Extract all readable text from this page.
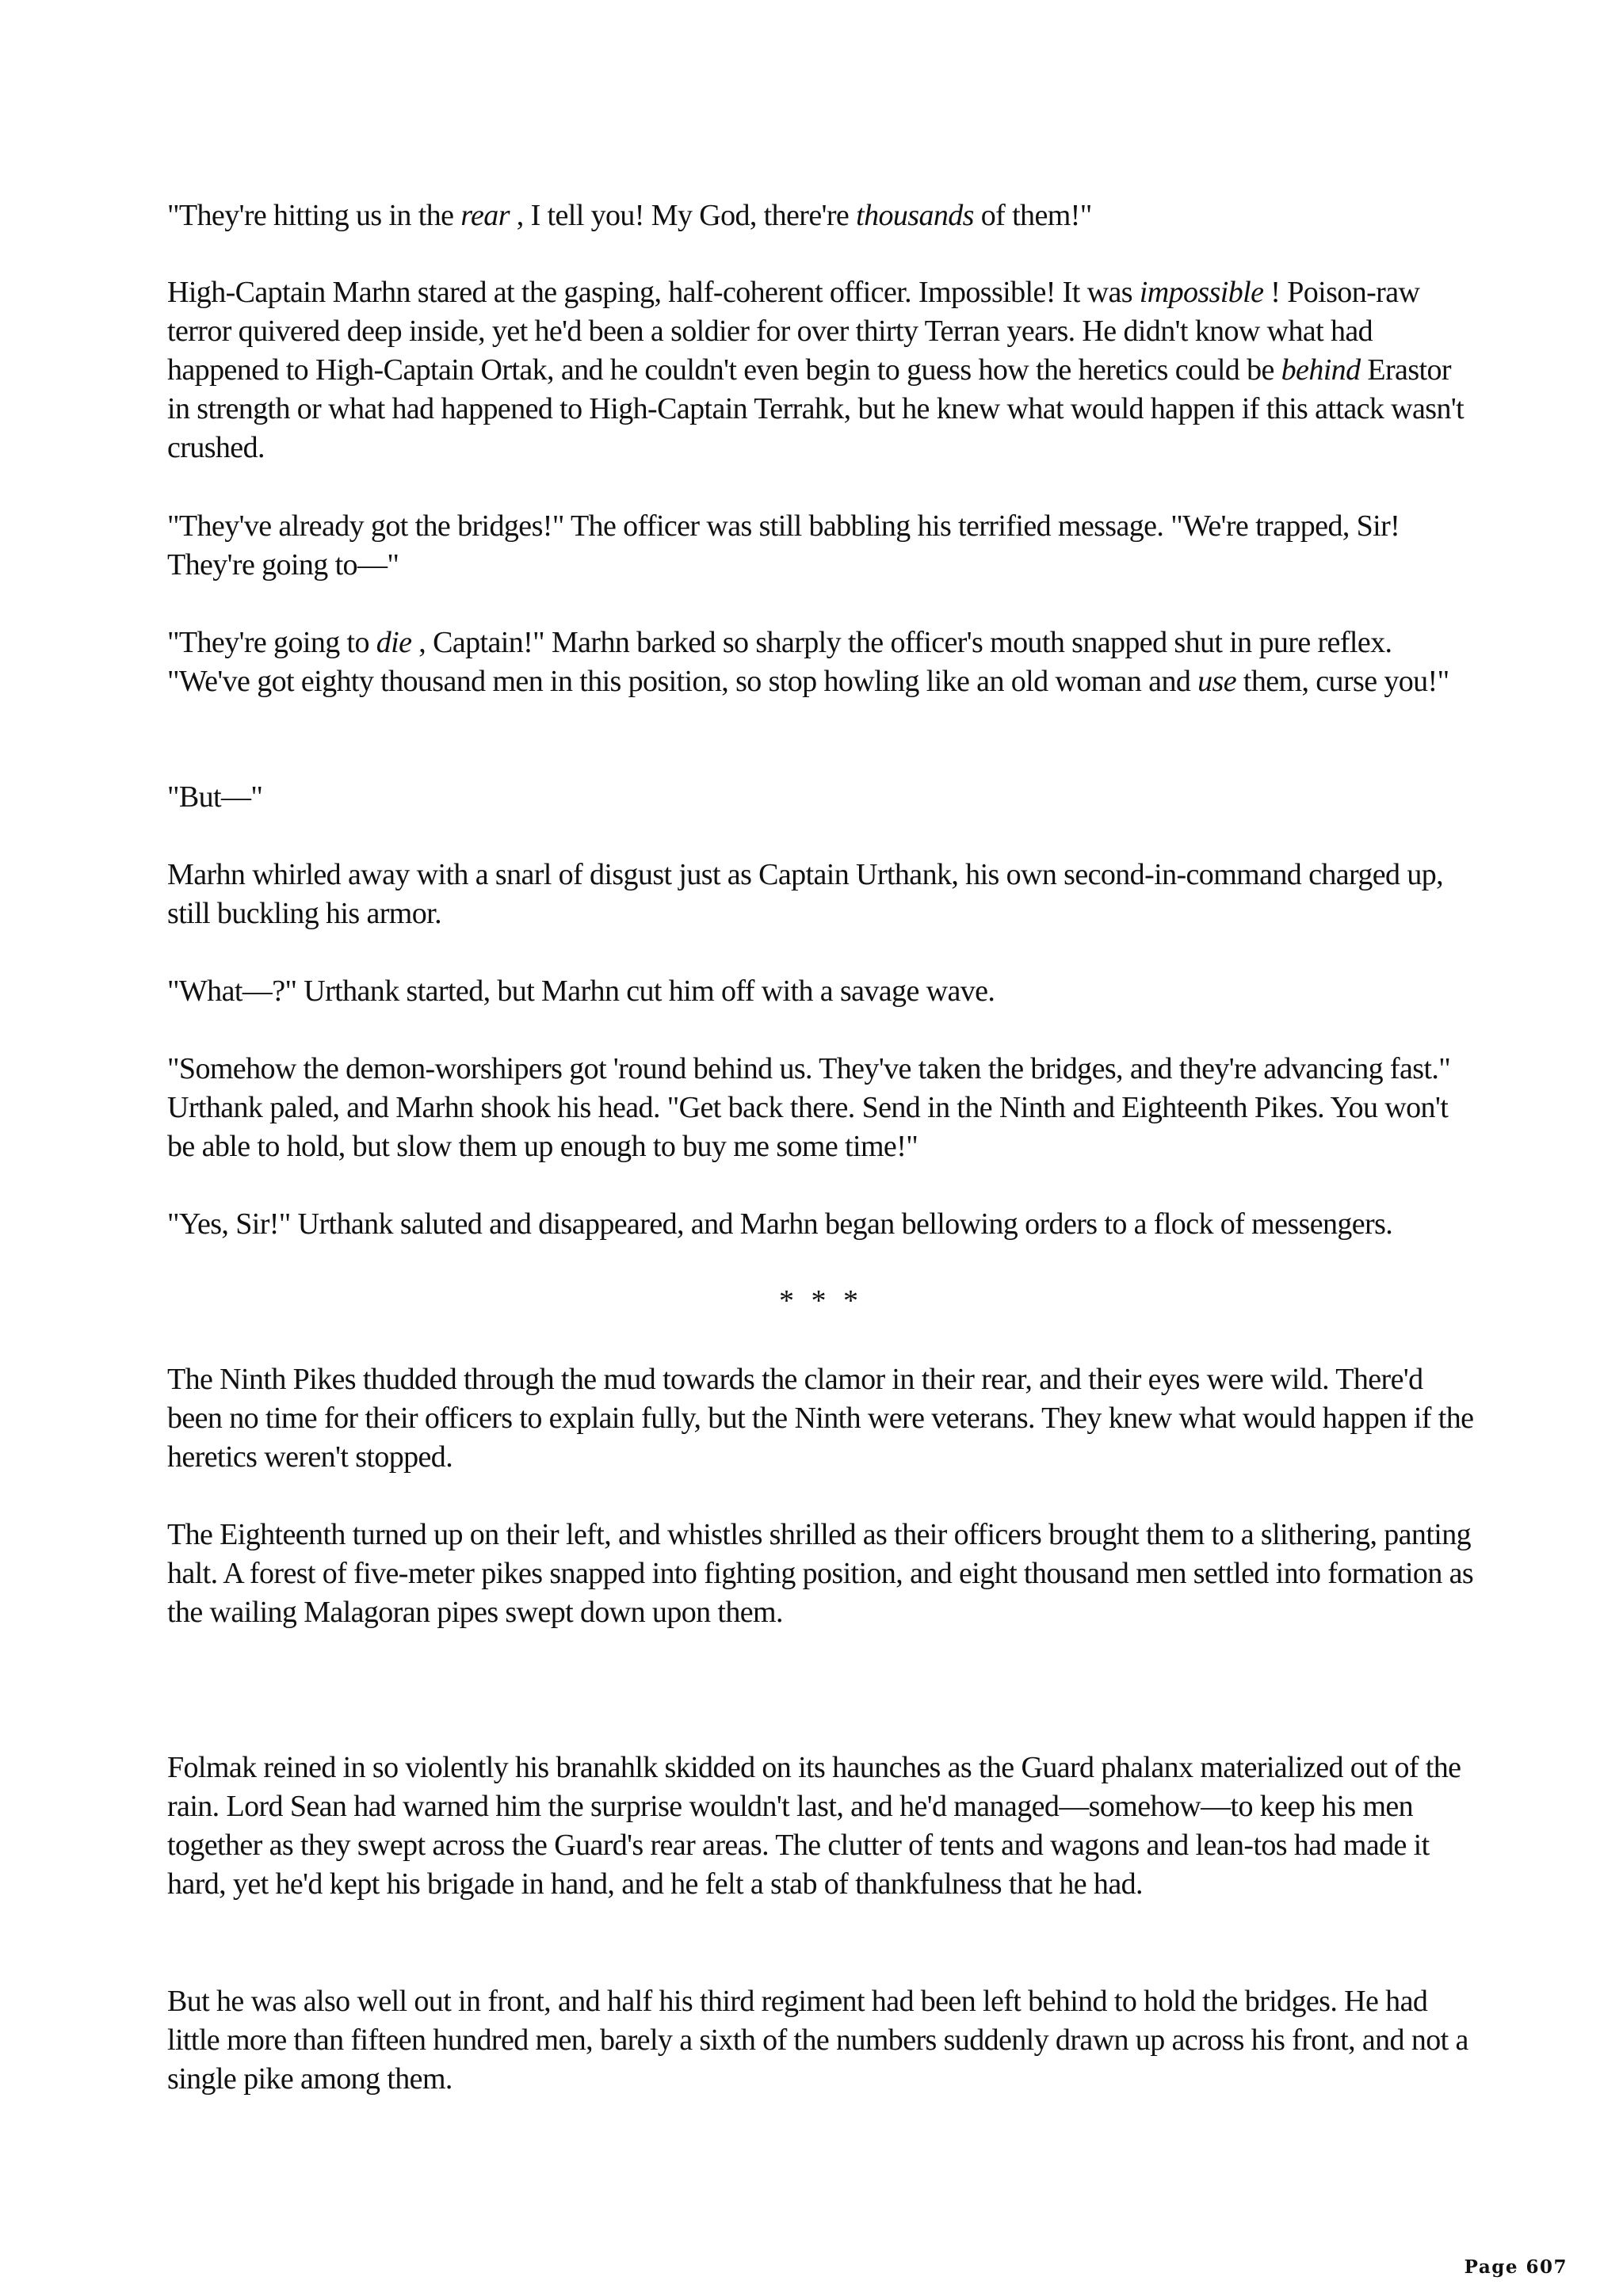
"They're hitting us in the rear , I tell you! My God, there're thousands of them!"

High-Captain Marhn stared at the gasping, half-coherent officer. Impossible! It was impossible ! Poison-raw terror quivered deep inside, yet he'd been a soldier for over thirty Terran years. He didn't know what had happened to High-Captain Ortak, and he couldn't even begin to guess how the heretics could be behind Erastor in strength or what had happened to High-Captain Terrahk, but he knew what would happen if this attack wasn't crushed.

"They've already got the bridges!" The officer was still babbling his terrified message. "We're trapped, Sir! They're going to—"

"They're going to die , Captain!" Marhn barked so sharply the officer's mouth snapped shut in pure reflex. "We've got eighty thousand men in this position, so stop howling like an old woman and use them, curse you!"

"But—"

Marhn whirled away with a snarl of disgust just as Captain Urthank, his own second-in-command charged up, still buckling his armor.

"What—?" Urthank started, but Marhn cut him off with a savage wave.

"Somehow the demon-worshipers got 'round behind us. They've taken the bridges, and they're advancing fast." Urthank paled, and Marhn shook his head. "Get back there. Send in the Ninth and Eighteenth Pikes. You won't be able to hold, but slow them up enough to buy me some time!"

"Yes, Sir!" Urthank saluted and disappeared, and Marhn began bellowing orders to a flock of messengers.

* * *

The Ninth Pikes thudded through the mud towards the clamor in their rear, and their eyes were wild. There'd been no time for their officers to explain fully, but the Ninth were veterans. They knew what would happen if the heretics weren't stopped.

The Eighteenth turned up on their left, and whistles shrilled as their officers brought them to a slithering, panting halt. A forest of five-meter pikes snapped into fighting position, and eight thousand men settled into formation as the wailing Malagoran pipes swept down upon them.

Folmak reined in so violently his branahlk skidded on its haunches as the Guard phalanx materialized out of the rain. Lord Sean had warned him the surprise wouldn't last, and he'd managed—somehow—to keep his men together as they swept across the Guard's rear areas. The clutter of tents and wagons and lean-tos had made it hard, yet he'd kept his brigade in hand, and he felt a stab of thankfulness that he had.

But he was also well out in front, and half his third regiment had been left behind to hold the bridges. He had little more than fifteen hundred men, barely a sixth of the numbers suddenly drawn up across his front, and not a single pike among them.

Page 607
